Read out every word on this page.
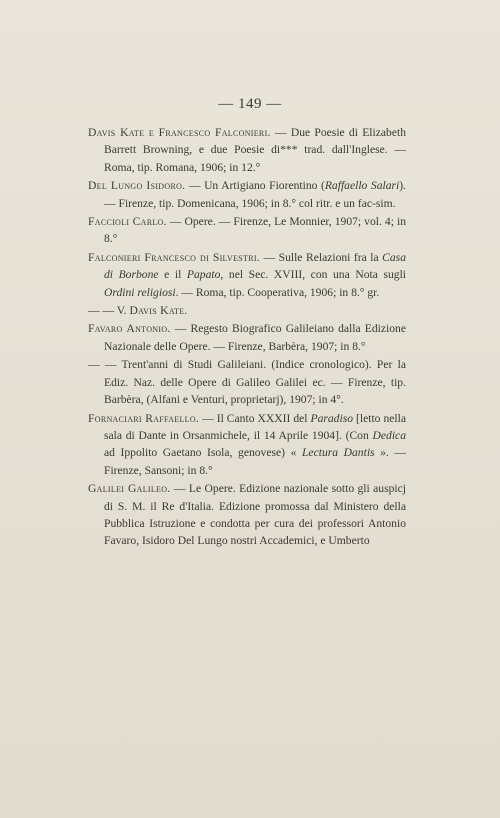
— 149 —

Davis Kate e Francesco Falconieri. — Due Poesie di Elizabeth Barrett Browning, e due Poesie di*** trad. dall'Inglese. — Roma, tip. Romana, 1906; in 12.°

Del Lungo Isidoro. — Un Artigiano Fiorentino (Raffaello Salari). — Firenze, tip. Domenicana, 1906; in 8.° col ritr. e un fac-sim.

Faccioli Carlo. — Opere. — Firenze, Le Monnier, 1907; vol. 4; in 8.°

Falconieri Francesco di Silvestri. — Sulle Relazioni fra la Casa di Borbone e il Papato, nel Sec. XVIII, con una Nota sugli Ordini religiosi. — Roma, tip. Cooperativa, 1906; in 8.° gr.

— — V. Davis Kate.

Favaro Antonio. — Regesto Biografico Galileiano dalla Edizione Nazionale delle Opere. — Firenze, Barbèra, 1907; in 8.°

— — Trent'anni di Studi Galileiani. (Indice cronologico). Per la Ediz. Naz. delle Opere di Galileo Galilei ec. — Firenze, tip. Barbèra, (Alfani e Venturi, proprietarj), 1907; in 4°.

Fornaciari Raffaello. — Il Canto XXXII del Paradiso [letto nella sala di Dante in Orsanmichele, il 14 Aprile 1904]. (Con Dedica ad Ippolito Gaetano Isola, genovese) « Lectura Dantis ». — Firenze, Sansoni; in 8.°

Galilei Galileo. — Le Opere. Edizione nazionale sotto gli auspicj di S. M. il Re d'Italia. Edizione promossa dal Ministero della Pubblica Istruzione e condotta per cura dei professori Antonio Favaro, Isidoro Del Lungo nostri Accademici, e Umberto
